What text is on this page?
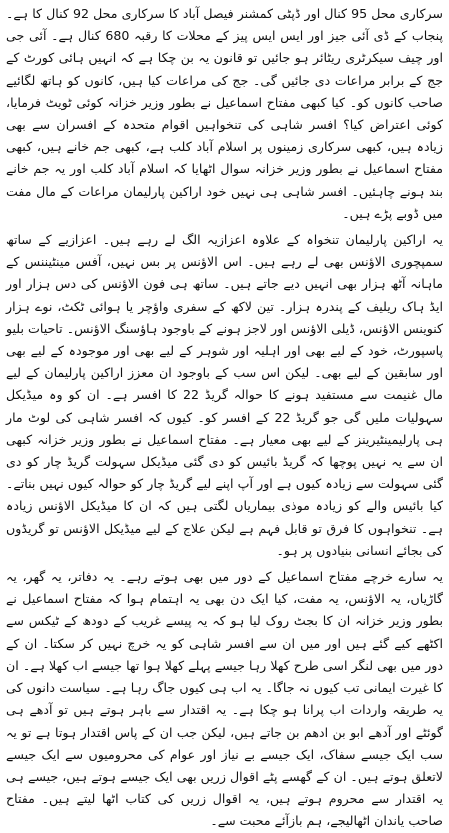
سرکاری محل 95 کنال اور ڈپٹی کمشنر فیصل آباد کا سرکاری محل 92 کنال کا ہے۔ پنجاب کے ڈی آئی جیز اور ایس ایس پیز کے محلات کا رقبہ 680 کنال ہے۔ آئی جی اور چیف سیکرٹری ریٹائر ہو جائیں تو قانون یہ بن چکا ہے کہ انہیں ہائی کورٹ کے جج کے برابر مراعات دی جائیں گی۔ جج کی مراعات کیا ہیں، کانوں کو ہاتھ لگائیے صاحب کانوں کو۔ کیا کبھی مفتاح اسماعیل نے بطور وزیر خزانہ کوئی ٹویٹ فرمایا، کوئی اعتراض کیا؟ افسر شاہی کی تنخواہیں اقوام متحدہ کے افسران سے بھی زیادہ ہیں، کبھی سرکاری زمینوں پر اسلام آباد کلب ہے، کبھی جم خانے ہیں، کبھی مفتاح اسماعیل نے بطور وزیر خزانہ سوال اٹھایا کہ اسلام آباد کلب اور یہ جم خانے بند ہونے چاہئیں۔ افسر شاہی ہی نہیں خود اراکین پارلیمان مراعات کے مال مفت میں ڈوبے پڑے ہیں۔

یہ اراکین پارلیمان تنخواہ کے علاوہ اعزازیہ الگ لے رہے ہیں۔ اعزازیے کے ساتھ سمپچوری الاؤنس بھی لے رہے ہیں۔ اس الاؤنس پر بس نہیں، آفس مینٹیننس کے ماہانہ آٹھ ہزار بھی انہیں دیے جاتے ہیں۔ ساتھ ہی فون الاؤنس کی دس ہزار اور ایڈ ہاک ریلیف کے پندرہ ہزار۔ تین لاکھ کے سفری واؤچر یا ہوائی ٹکٹ، نوے ہزار کنوینس الاؤنس، ڈیلی الاؤنس اور لاجز ہونے کے باوجود ہاؤسنگ الاؤنس۔ تاحیات بلیو پاسپورٹ، خود کے لیے بھی اور اہلیہ اور شوہر کے لیے بھی اور موجودہ کے لیے بھی اور سابقین کے لیے بھی۔ لیکن اس سب کے باوجود ان معزز اراکین پارلیمان کے لیے مال غنیمت سے مستفید ہونے کا حوالہ گریڈ 22 کا افسر ہے۔ ان کو وہ میڈیکل سہولیات ملیں گی جو گریڈ 22 کے افسر کو۔ کیوں کہ افسر شاہی کی لوٹ مار ہی پارلیمینٹیرینز کے لیے بھی معیار ہے۔ مفتاح اسماعیل نے بطور وزیر خزانہ کبھی ان سے یہ نہیں پوچھا کہ گریڈ بائیس کو دی گئی میڈیکل سہولت گریڈ چار کو دی گئی سہولت سے زیادہ کیوں ہے اور آپ اپنے لیے گریڈ چار کو حوالہ کیوں نہیں بناتے۔ کیا بائیس والے کو زیادہ موذی بیماریاں لگتی ہیں کہ ان کا میڈیکل الاؤنس زیادہ ہے۔ تنخواہوں کا فرق تو قابل فہم ہے لیکن علاج کے لیے میڈیکل الاؤنس تو گریڈوں کی بجائے انسانی بنیادوں پر ہو۔

یہ سارے خرچے مفتاح اسماعیل کے دور میں بھی ہوتے رہے۔ یہ دفاتر، یہ گھر، یہ گاڑیاں، یہ الاؤنس، یہ مفت، کیا ایک دن بھی یہ اہتمام ہوا کہ مفتاح اسماعیل نے بطور وزیر خزانہ ان کا بجٹ روک لیا ہو کہ یہ پیسے غریب کے دودھ کے ٹیکس سے اکٹھے کیے گئے ہیں اور میں ان سے افسر شاہی کو یہ خرچ نہیں کر سکتا۔ ان کے دور میں بھی لنگر اسی طرح کھلا رہا جیسے پہلے کھلا ہوا تھا جیسے اب کھلا ہے۔ ان کا غیرت ایمانی تب کیوں نہ جاگا۔ یہ اب ہی کیوں جاگ رہا ہے۔ سیاست دانوں کی یہ طریقہ واردات اب پرانا ہو چکا ہے۔ یہ اقتدار سے باہر ہوتے ہیں تو آدھے ہی گوئٹے اور آدھے ابو بن ادھم بن جاتے ہیں، لیکن جب ان کے پاس اقتدار ہوتا ہے تو یہ سب ایک جیسے سفاک، ایک جیسے بے نیاز اور عوام کی محرومیوں سے ایک جیسے لاتعلق ہوتے ہیں۔ ان کے گھسے پٹے اقوال زریں بھی ایک جیسے ہوتے ہیں، جیسے ہی یہ اقتدار سے محروم ہوتے ہیں، یہ اقوال زریں کی کتاب اٹھا لیتے ہیں۔ مفتاح صاحب یاندان اٹھالیجے، ہم بازآئے محبت سے۔
